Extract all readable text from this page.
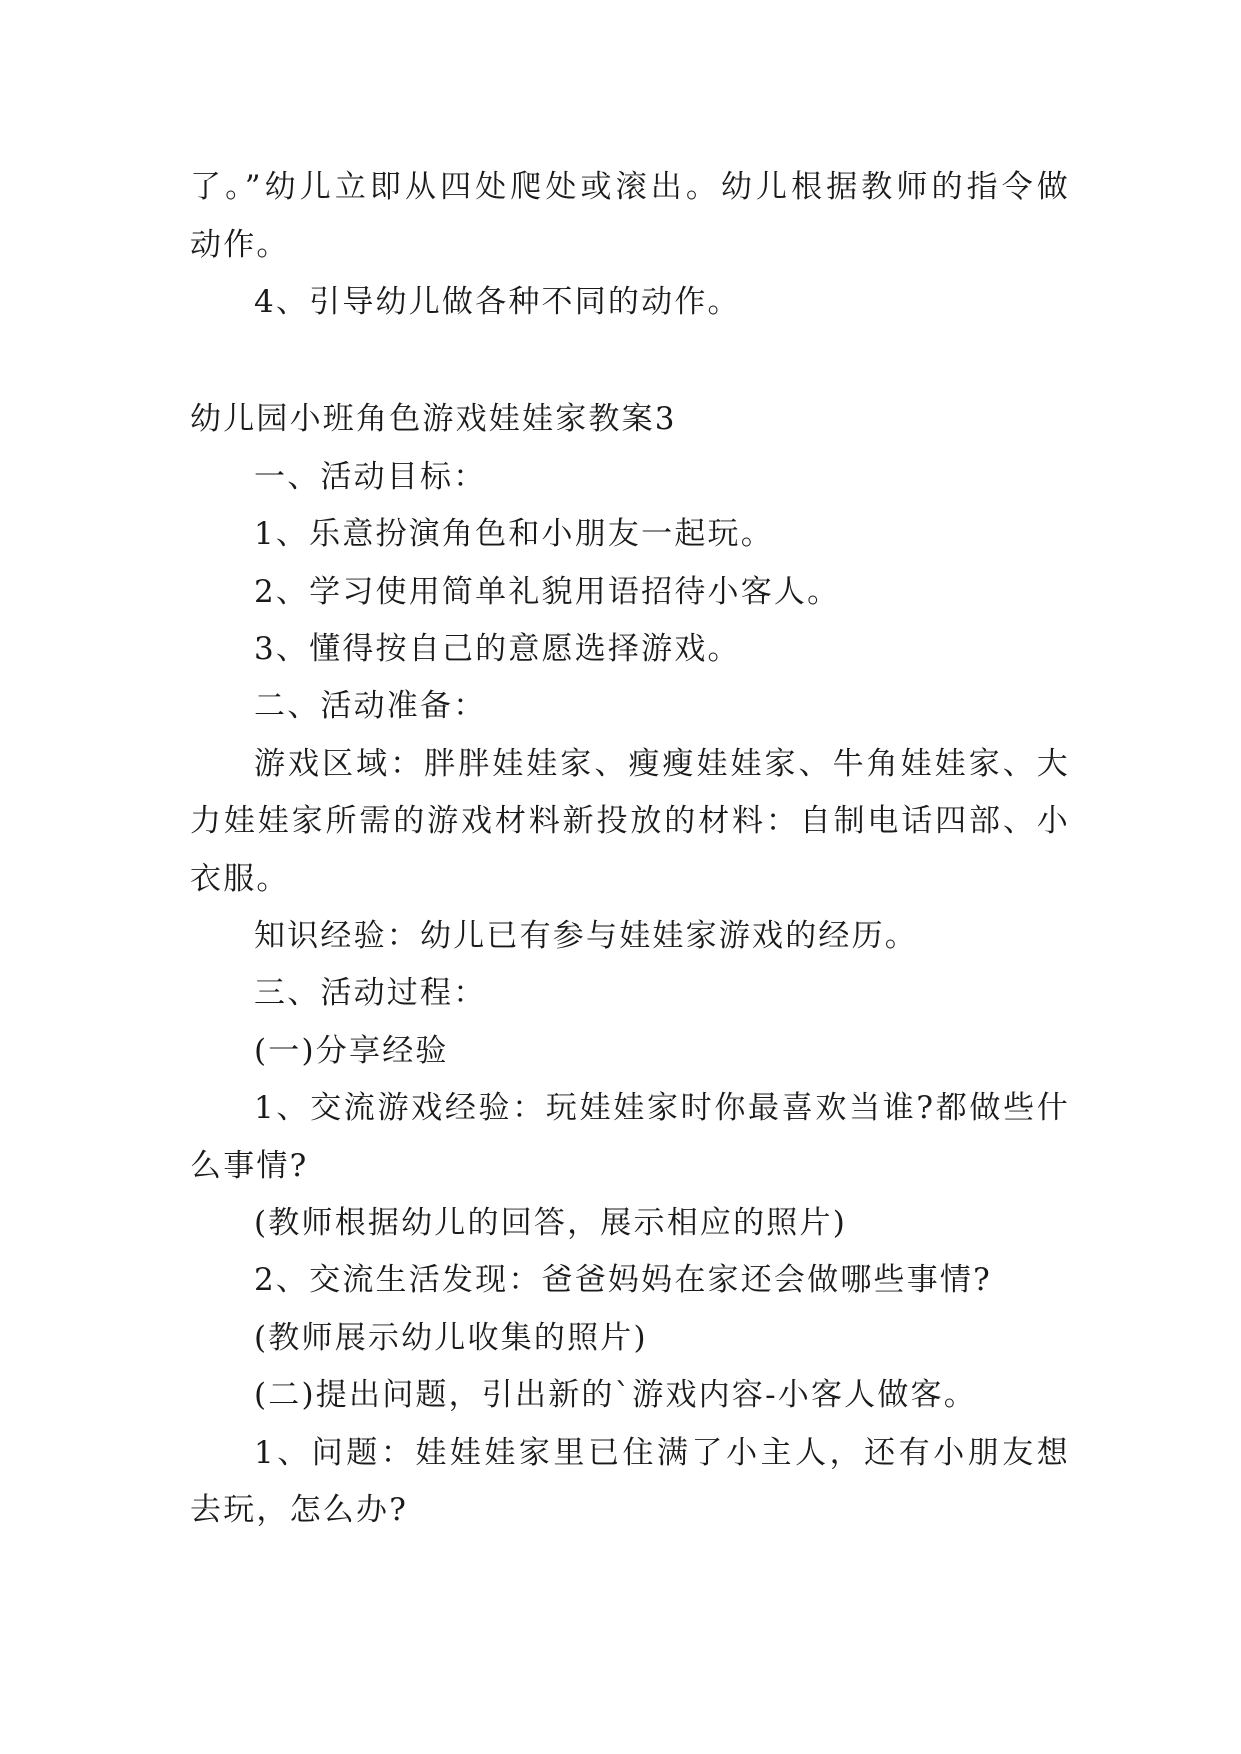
了。”幼儿立即从四处爬处或滚出。幼儿根据教师的指令做
动作。
4、引导幼儿做各种不同的动作。
幼儿园小班角色游戏娃娃家教案3
一、活动目标：
1、乐意扮演角色和小朋友一起玩。
2、学习使用简单礼貌用语招待小客人。
3、懂得按自己的意愿选择游戏。
二、活动准备：
游戏区域：胖胖娃娃家、瘦瘦娃娃家、牛角娃娃家、大
力娃娃家所需的游戏材料新投放的材料：自制电话四部、小
衣服。
知识经验：幼儿已有参与娃娃家游戏的经历。
三、活动过程：
(一)分享经验
1、交流游戏经验：玩娃娃家时你最喜欢当谁?都做些什
么事情?
(教师根据幼儿的回答，展示相应的照片)
2、交流生活发现：爸爸妈妈在家还会做哪些事情?
(教师展示幼儿收集的照片)
(二)提出问题，引出新的`游戏内容-小客人做客。
1、问题：娃娃娃家里已住满了小主人，还有小朋友想
去玩，怎么办?
